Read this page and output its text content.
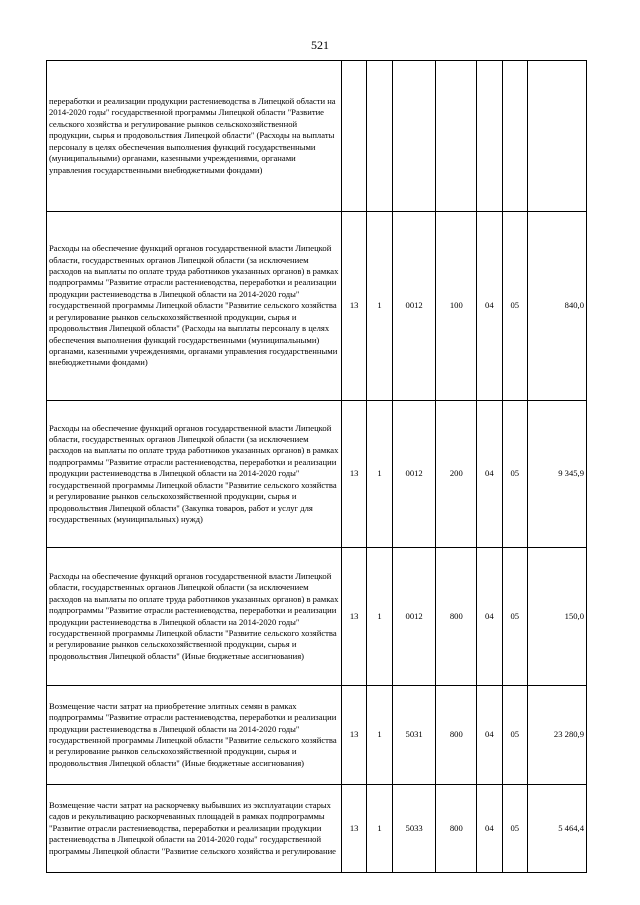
521
переработки и реализации продукции растениеводства в Липецкой области на 2014-2020 годы" государственной программы Липецкой области "Развитие сельского хозяйства и регулирование рынков сельскохозяйственной продукции, сырья и продовольствия Липецкой области" (Расходы на выплаты персоналу в целях обеспечения выполнения функций государственными (муниципальными) органами, казенными учреждениями, органами управления государственными внебюджетными фондами)							
Расходы на обеспечение функций органов государственной власти Липецкой области, государственных органов Липецкой области (за исключением расходов на выплаты по оплате труда работников указанных органов) в рамках подпрограммы "Развитие отрасли растениеводства, переработки и реализации продукции растениеводства в Липецкой области на 2014-2020 годы" государственной программы Липецкой области "Развитие сельского хозяйства и регулирование рынков сельскохозяйственной продукции, сырья и продовольствия Липецкой области" (Расходы на выплаты персоналу в целях обеспечения выполнения функций государственными (муниципальными) органами, казенными учреждениями, органами управления государственными внебюджетными фондами)	13	1	0012	100	04	05	840,0
Расходы на обеспечение функций органов государственной власти Липецкой области, государственных органов Липецкой области (за исключением расходов на выплаты по оплате труда работников указанных органов) в рамках подпрограммы "Развитие отрасли растениеводства, переработки и реализации продукции растениеводства в Липецкой области на 2014-2020 годы" государственной программы Липецкой области "Развитие сельского хозяйства и регулирование рынков сельскохозяйственной продукции, сырья и продовольствия Липецкой области" (Закупка товаров, работ и услуг для государственных (муниципальных) нужд)	13	1	0012	200	04	05	9 345,9
Расходы на обеспечение функций органов государственной власти Липецкой области, государственных органов Липецкой области (за исключением расходов на выплаты по оплате труда работников указанных органов) в рамках подпрограммы "Развитие отрасли растениеводства, переработки и реализации продукции растениеводства в Липецкой области на 2014-2020 годы" государственной программы Липецкой области "Развитие сельского хозяйства и регулирование рынков сельскохозяйственной продукции, сырья и продовольствия Липецкой области" (Иные бюджетные ассигнования)	13	1	0012	800	04	05	150,0
Возмещение части затрат на приобретение элитных семян в рамках подпрограммы "Развитие отрасли растениеводства, переработки и реализации продукции растениеводства в Липецкой области на 2014-2020 годы" государственной программы Липецкой области "Развитие сельского хозяйства и регулирование рынков сельскохозяйственной продукции, сырья и продовольствия Липецкой области" (Иные бюджетные ассигнования)	13	1	5031	800	04	05	23 280,9
Возмещение части затрат на раскорчевку выбывших из эксплуатации старых садов и рекультивацию раскорчеванных площадей в рамках подпрограммы "Развитие отрасли растениеводства, переработки и реализации продукции растениеводства в Липецкой области на 2014-2020 годы" государственной программы Липецкой области "Развитие сельского хозяйства и регулирование	13	1	5033	800	04	05	5 464,4
